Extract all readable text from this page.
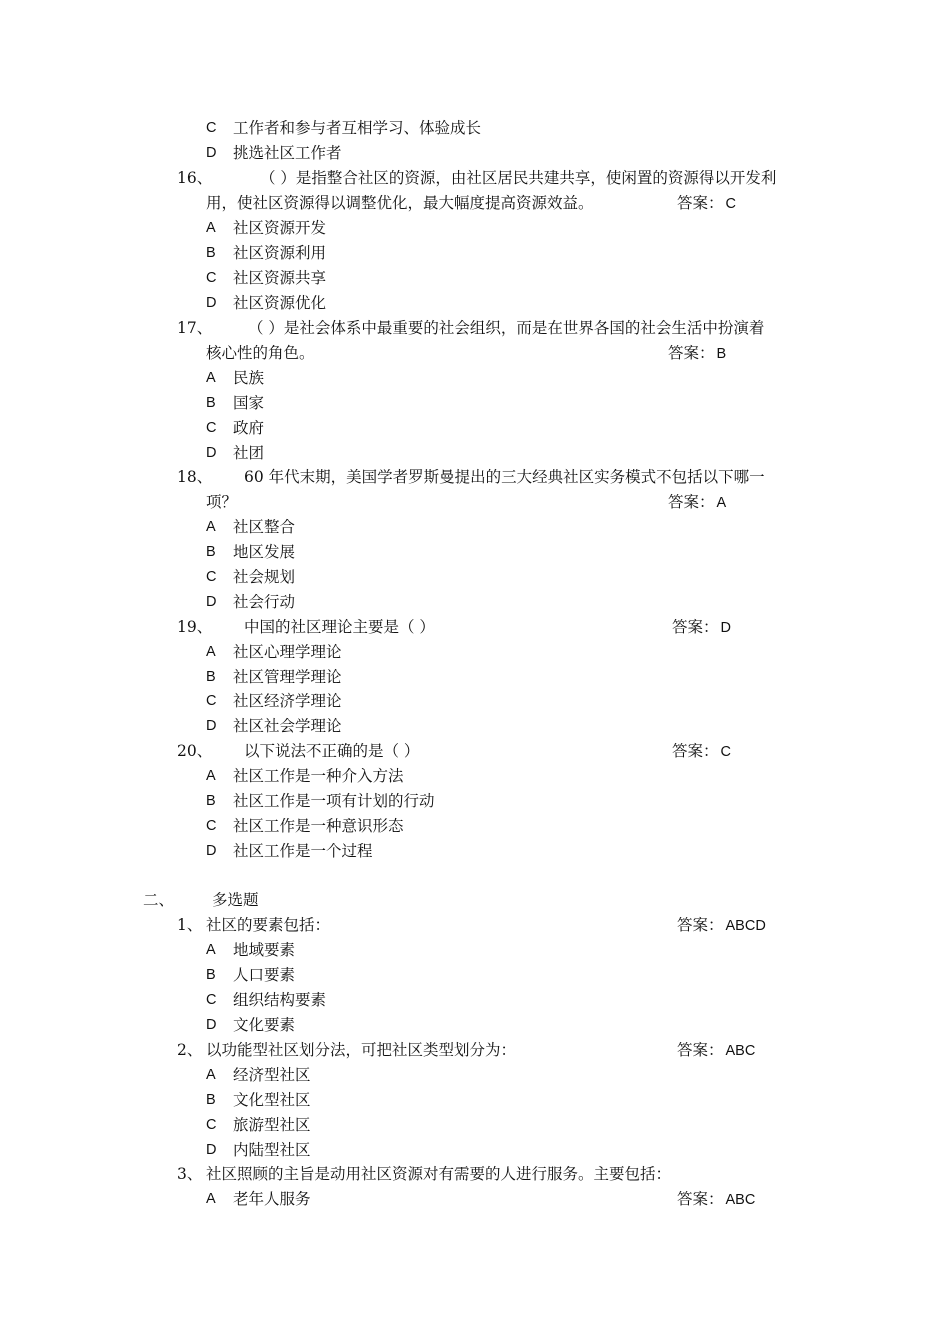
C 工作者和参与者互相学习、体验成长
D 挑选社区工作者
16、	（ ）是指整合社区的资源，由社区居民共建共享，使闲置的资源得以开发利
用，使社区资源得以调整优化，最大幅度提高资源效益。	答案： C
A 社区资源开发
B 社区资源利用
C 社区资源共享
D 社区资源优化
17、 （ ）是社会体系中最重要的社会组织，而是在世界各国的社会生活中扮演着
核心性的角色。	答案： B
A 民族
B 国家
C 政府
D 社团
18、 60 年代末期，美国学者罗斯曼提出的三大经典社区实务模式不包括以下哪一
项？	答案： A
A 社区整合
B 地区发展
C 社会规划
D 社会行动
19、 中国的社区理论主要是（ ）	答案： D
A 社区心理学理论
B 社区管理学理论
C 社区经济学理论
D 社区社会学理论
20、 以下说法不正确的是（ ）	答案： C
A 社区工作是一种介入方法
B 社区工作是一项有计划的行动
C 社区工作是一种意识形态
D 社区工作是一个过程
二、 多选题
1、 社区的要素包括：	答案： ABCD
A 地域要素
B 人口要素
C 组织结构要素
D 文化要素
2、 以功能型社区划分法，可把社区类型划分为：	答案： ABC
A 经济型社区
B 文化型社区
C 旅游型社区
D 内陆型社区
3、 社区照顾的主旨是动用社区资源对有需要的人进行服务。主要包括：
A 老年人服务	答案： ABC
